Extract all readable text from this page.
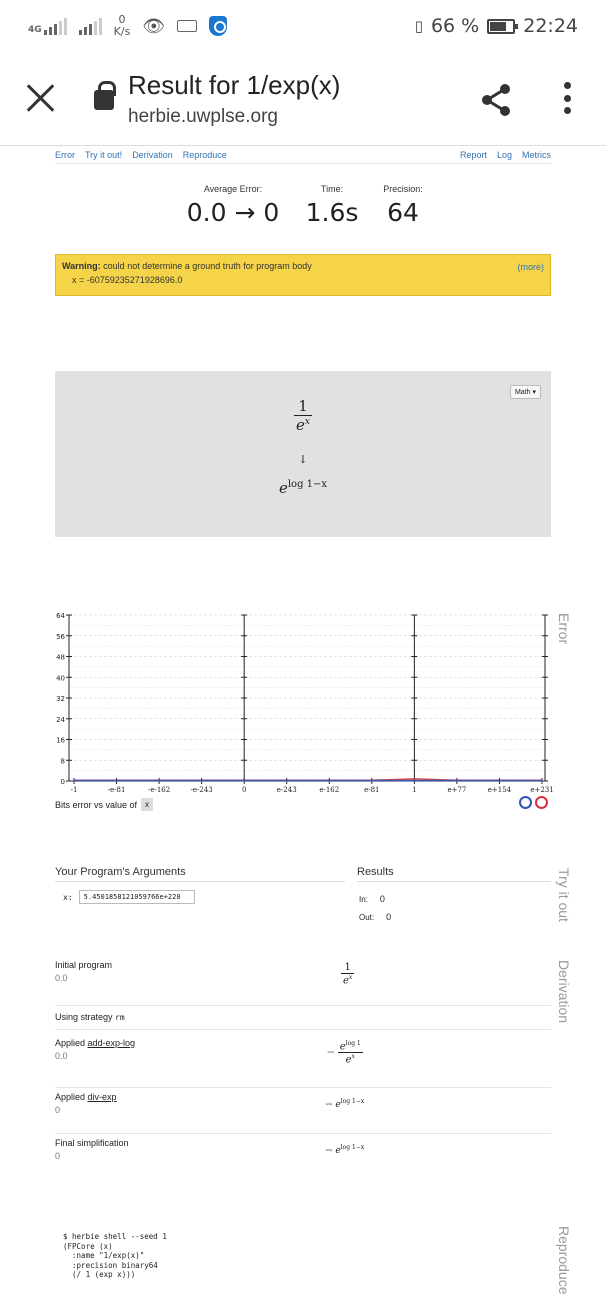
4G
0
K/s 👁	▯ 66 % 22:24
Result for 1/exp(x)
herbie.uwplse.org
Error Try it out! Derivation Reproduce	Report Log Metrics
Average Error:
0.0 → 0
Time:
1.6s
Precision:
64
Warning: could not determine a ground truth for program body
x = -607592352719286​96.0
(more)
Math ▾
$\frac{1}{e^x}$
↓
$e^{log 1-x}$
0
8
16
24
32
40
48
56
64
-1	-e-81	-e-162	-e-243	0	e-243	e-162	e-81	1	e+77	e+154	e+231
Bits error vs value of	x
Your Program's Arguments	Results
x:	5.450185812105976​6e+228	In: 0
Out: 0
Initial program
0.0	$\frac{1}{e^x}$
Using strategy rm
Applied add-exp-log
0.0	⇝ $\frac{e^{log 1}}{e^x}$
Applied div-exp
0	⇝ $e^{log 1-x}$
Final simplification
0	⇝ $e^{log 1-x}$
$ herbie shell --seed 1
(FPCore (x)
:name "1/exp(x)"
:precision binary64
(/ 1 (exp x)))
Error
Try it out
Derivation
Reproduce
